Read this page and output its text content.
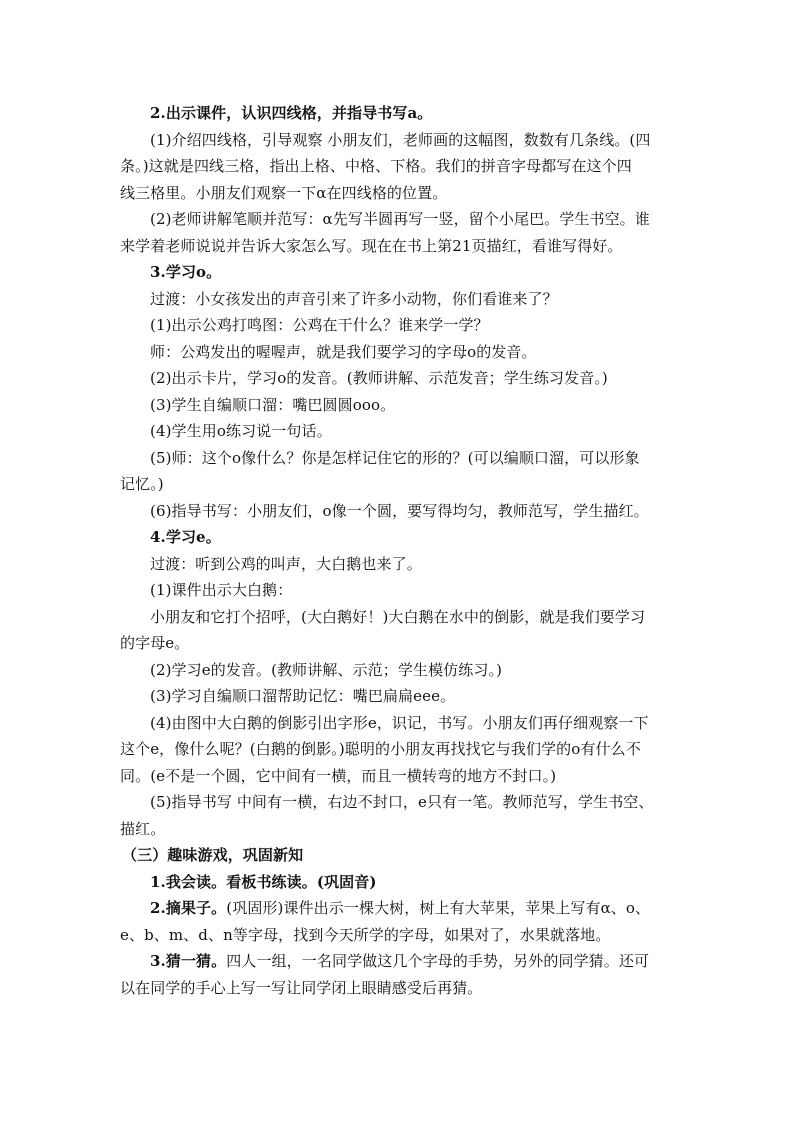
2.出示课件，认识四线格，并指导书写a。
(1)介绍四线格，引导观察 小朋友们，老师画的这幅图，数数有几条线。(四
条。)这就是四线三格，指出上格、中格、下格。我们的拼音字母都写在这个四
线三格里。小朋友们观察一下α在四线格的位置。
(2)老师讲解笔顺并范写：α先写半圆再写一竖，留个小尾巴。学生书空。谁
来学着老师说说并告诉大家怎么写。现在在书上第21页描红，看谁写得好。
3.学习o。
过渡：小女孩发出的声音引来了许多小动物，你们看谁来了？
(1)出示公鸡打鸣图：公鸡在干什么？谁来学一学？
师：公鸡发出的喔喔声，就是我们要学习的字母o的发音。
(2)出示卡片，学习o的发音。(教师讲解、示范发音；学生练习发音。)
(3)学生自编顺口溜：嘴巴圆圆ooo。
(4)学生用o练习说一句话。
(5)师：这个o像什么？你是怎样记住它的形的？(可以编顺口溜，可以形象
记忆。)
(6)指导书写：小朋友们，o像一个圆，要写得均匀，教师范写，学生描红。
4.学习e。
过渡：听到公鸡的叫声，大白鹅也来了。
(1)课件出示大白鹅：
小朋友和它打个招呼，(大白鹅好！)大白鹅在水中的倒影，就是我们要学习
的字母e。
(2)学习e的发音。(教师讲解、示范；学生模仿练习。)
(3)学习自编顺口溜帮助记忆：嘴巴扁扁eee。
(4)由图中大白鹅的倒影引出字形e，识记，书写。小朋友们再仔细观察一下
这个e，像什么呢？(白鹅的倒影。)聪明的小朋友再找找它与我们学的o有什么不
同。(e不是一个圆，它中间有一横，而且一横转弯的地方不封口。)
(5)指导书写 中间有一横，右边不封口，e只有一笔。教师范写，学生书空、
描红。
（三）趣味游戏，巩固新知
1.我会读。看板书练读。(巩固音)
2.摘果子。(巩固形)课件出示一棵大树，树上有大苹果，苹果上写有α、o、
e、b、m、d、n等字母，找到今天所学的字母，如果对了，水果就落地。
3.猜一猜。四人一组，一名同学做这几个字母的手势，另外的同学猜。还可
以在同学的手心上写一写让同学闭上眼睛感受后再猜。
